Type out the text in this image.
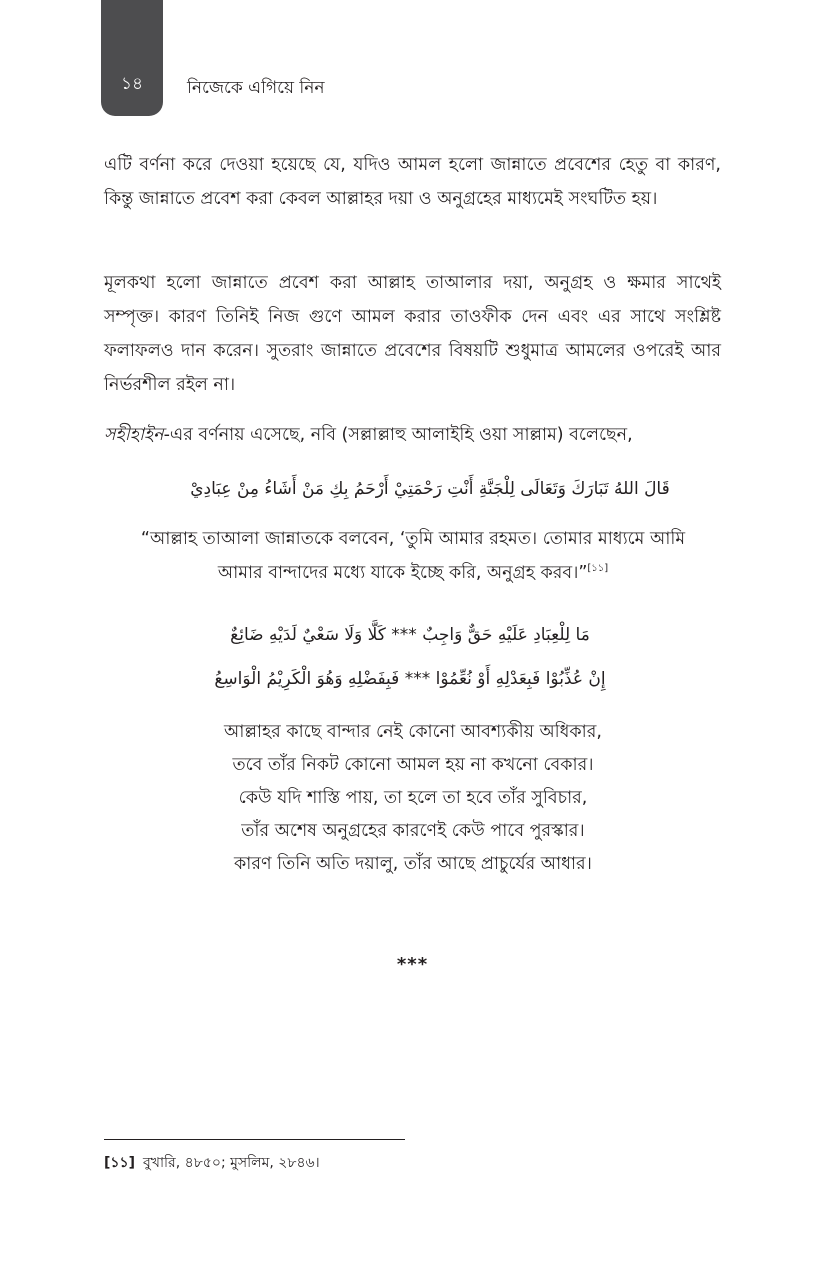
১৪	নিজেকে এগিয়ে নিন

এটি বর্ণনা করে দেওয়া হয়েছে যে, যদিও আমল হলো জান্নাতে প্রবেশের হেতু বা কারণ, কিন্তু জান্নাতে প্রবেশ করা কেবল আল্লাহর দয়া ও অনুগ্রহের মাধ্যমেই সংঘটিত হয়।

মূলকথা হলো জান্নাতে প্রবেশ করা আল্লাহ তাআলার দয়া, অনুগ্রহ ও ক্ষমার সাথেই সম্পৃক্ত। কারণ তিনিই নিজ গুণে আমল করার তাওফীক দেন এবং এর সাথে সংশ্লিষ্ট ফলাফলও দান করেন। সুতরাং জান্নাতে প্রবেশের বিষয়টি শুধুমাত্র আমলের ওপরেই আর নির্ভরশীল রইল না।

সহীহাইন-এর বর্ণনায় এসেছে, নবি (সল্লাল্লাহু আলাইহি ওয়া সাল্লাম) বলেছেন,

قَالَ اللهُ تَبَارَكَ وَتَعَالَى لِلْجَنَّةِ أَنْتِ رَحْمَتِيْ أَرْحَمُ بِكِ مَنْ أَشَاءُ مِنْ عِبَادِيْ

“আল্লাহ তাআলা জান্নাতকে বলবেন, ‘তুমি আমার রহমত। তোমার মাধ্যমে আমি আমার বান্দাদের মধ্যে যাকে ইচ্ছে করি, অনুগ্রহ করব।”[১১]

مَا لِلْعِبَادِ عَلَيْهِ حَقٌّ وَاجِبٌ *** كَلَّا وَلَا سَعْيٌ لَدَيْهِ ضَائِعٌ
إِنْ عُذِّبُوْا فَبِعَدْلِهِ أَوْ نُعِّمُوْا *** فَبِفَضْلِهِ وَهُوَ الْكَرِيْمُ الْوَاسِعُ
আল্লাহর কাছে বান্দার নেই কোনো আবশ্যকীয় অধিকার,
তবে তাঁর নিকট কোনো আমল হয় না কখনো বেকার।
কেউ যদি শাস্তি পায়, তা হলে তা হবে তাঁর সুবিচার,
তাঁর অশেষ অনুগ্রহের কারণেই কেউ পাবে পুরস্কার।
কারণ তিনি অতি দয়ালু, তাঁর আছে প্রাচুর্যের আধার।
***
[১১] বুখারি, ৪৮৫০; মুসলিম, ২৮৪৬।
